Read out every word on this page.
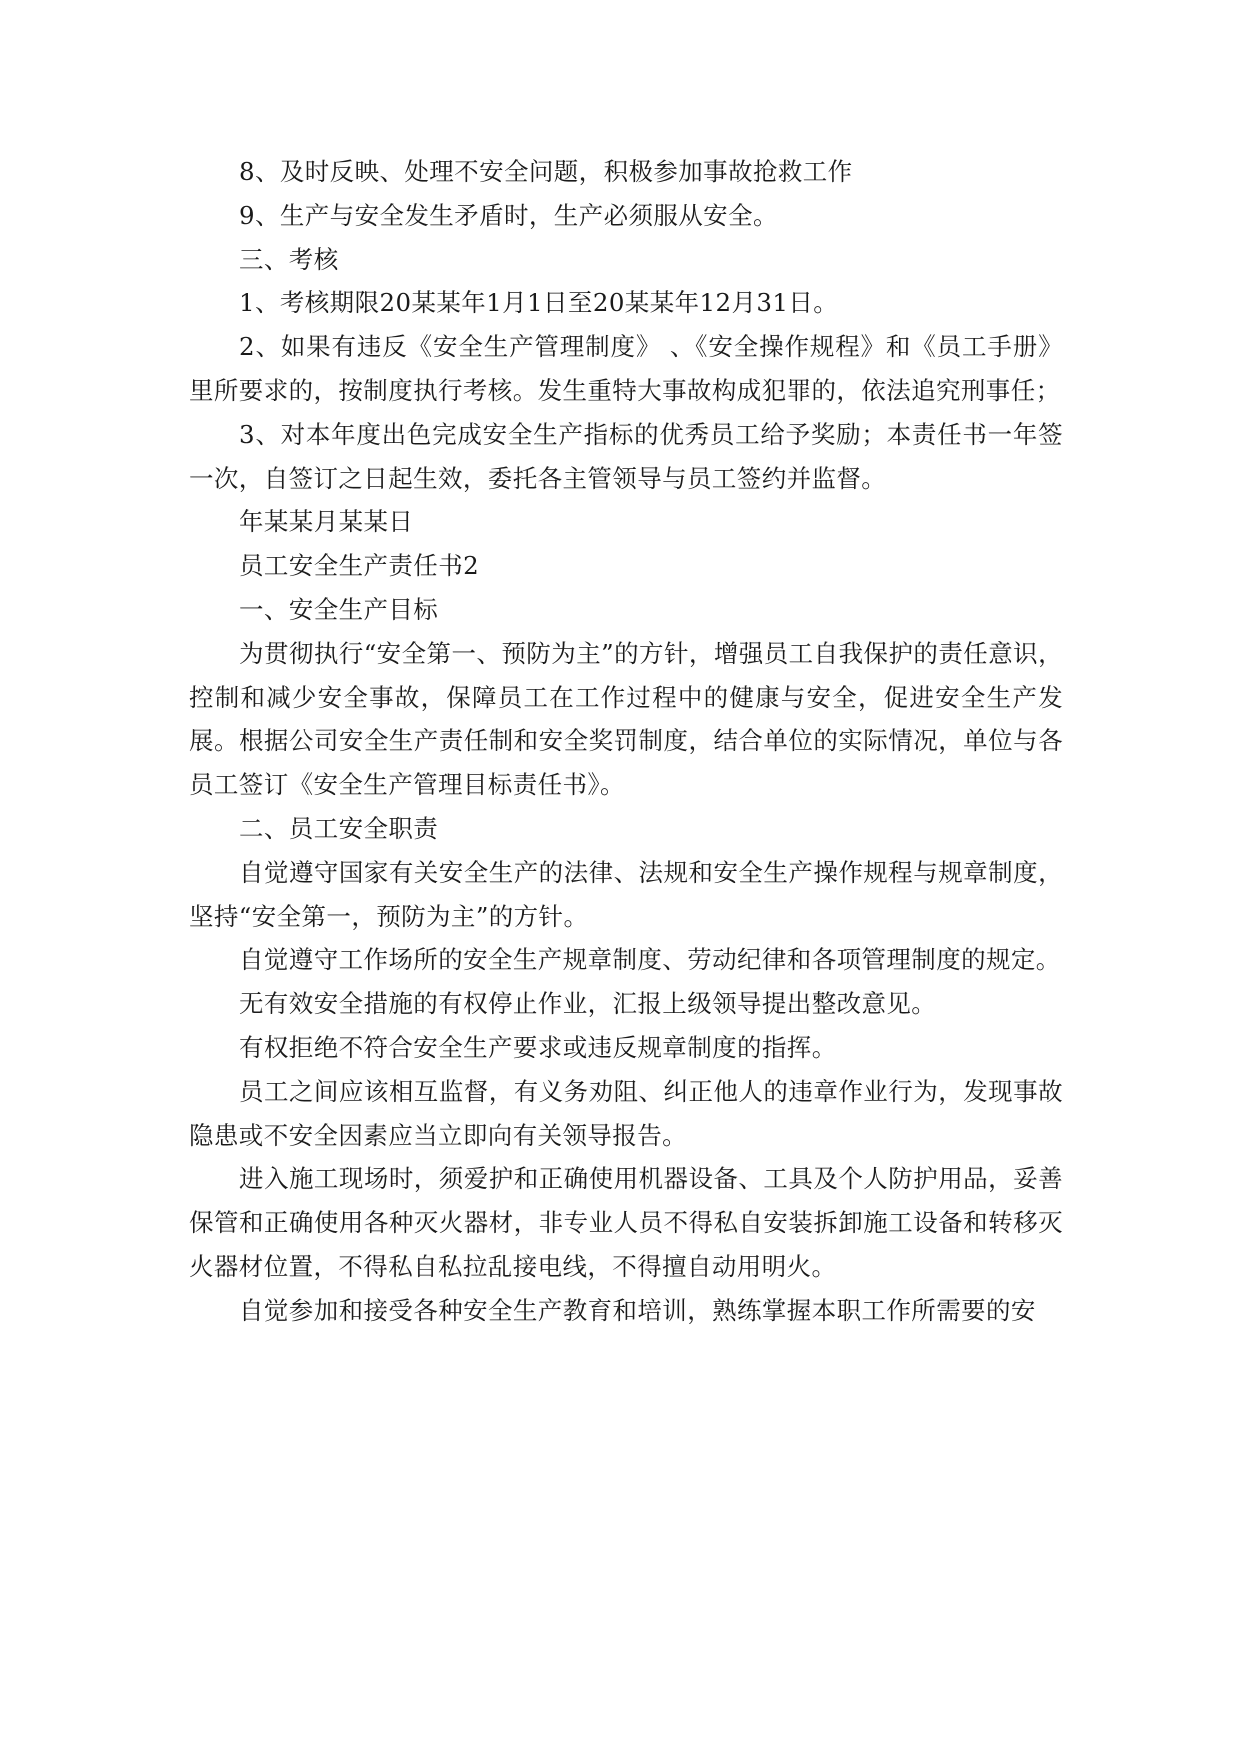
8、及时反映、处理不安全问题，积极参加事故抢救工作

9、生产与安全发生矛盾时，生产必须服从安全。

三、考核

1、考核期限20某某年1月1日至20某某年12月31日。

2、如果有违反《安全生产管理制度》 、《安全操作规程》和《员工手册》里所要求的，按制度执行考核。发生重特大事故构成犯罪的，依法追究刑事任；

3、对本年度出色完成安全生产指标的优秀员工给予奖励；本责任书一年签一次，自签订之日起生效，委托各主管领导与员工签约并监督。

年某某月某某日

员工安全生产责任书2

一、安全生产目标

为贯彻执行“安全第一、预防为主”的方针，增强员工自我保护的责任意识，控制和减少安全事故，保障员工在工作过程中的健康与安全，促进安全生产发展。根据公司安全生产责任制和安全奖罚制度，结合单位的实际情况，单位与各员工签订《安全生产管理目标责任书》。

二、员工安全职责

自觉遵守国家有关安全生产的法律、法规和安全生产操作规程与规章制度，坚持“安全第一，预防为主”的方针。

自觉遵守工作场所的安全生产规章制度、劳动纪律和各项管理制度的规定。

无有效安全措施的有权停止作业，汇报上级领导提出整改意见。

有权拒绝不符合安全生产要求或违反规章制度的指挥。

员工之间应该相互监督，有义务劝阻、纠正他人的违章作业行为，发现事故隐患或不安全因素应当立即向有关领导报告。

进入施工现场时，须爱护和正确使用机器设备、工具及个人防护用品，妥善保管和正确使用各种灭火器材，非专业人员不得私自安装拆卸施工设备和转移灭火器材位置，不得私自私拉乱接电线，不得擅自动用明火。

自觉参加和接受各种安全生产教育和培训，熟练掌握本职工作所需要的安
